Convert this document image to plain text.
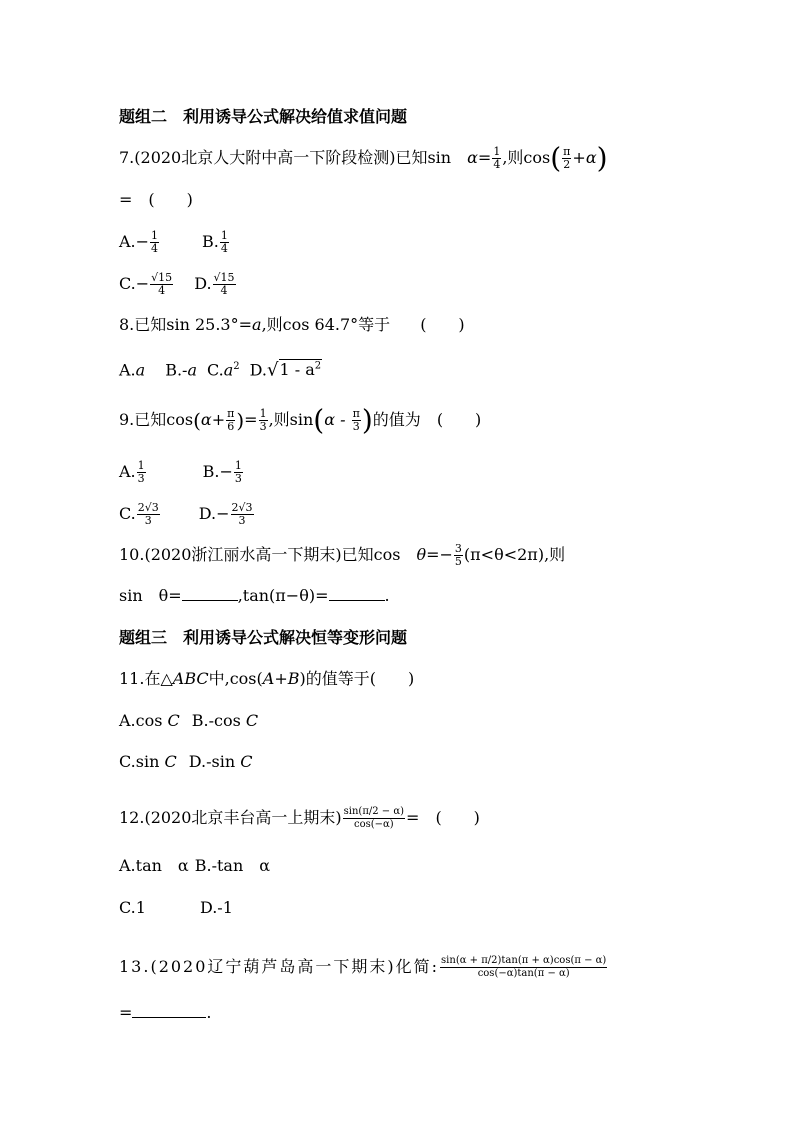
题组二　利用诱导公式解决给值求值问题
7.(2020北京人大附中高一下阶段检测)已知sin　$\alpha= \frac{1}{4}$ ,则$\cos( \frac{\pi}{2} +\alpha)$
=　(　　)
$A.- \frac{1}{4}$	B. $\frac{1}{4}$
$C.- \frac{√15}{4} D$. $\frac{√15}{4}$
8.已知sin 25.3°=a,则cos 64.7°等于 (　　)
A.a B.-a $C.a^2$ $D.√1 - a^2$
9.已知$\cos(\alpha+ \frac{\pi}{6}$ )= $\frac{1}{3}$ ,则$\sin(\alpha - \frac{\pi}{3}$ )的值为 (　　)
A. $\frac{1}{3}$	$B.- \frac{1}{3}$
C. $\frac{2√3}{3} D.- \frac{2√3}{3}$
10.(2020浙江丽水高一下期末)已知cos　$\theta=- \frac{3}{5} (\pi<\theta<2\pi)$,则
sin　θ=	,tan(π−θ)=	.
题组三　利用诱导公式解决恒等变形问题
11.在△ABC中,cos(A+B)的值等于(　　)
A.cos C B.-cos C
C.sin C D.-sin C
12.(2020北京丰台高一上期末) $\frac{\sin(\pi/2 - \alpha)}{\cos(-\alpha)}$ =　(　　)
A.tan　α B.-tan　α
C.1	D.-1
13.(2020辽宁葫芦岛高一下期末)化简: $\frac{\sin(\alpha + \pi/2)\tan(\pi + \alpha)\cos(\pi - \alpha)}{\cos(-\alpha)\tan(\pi - \alpha)}$
=	.
